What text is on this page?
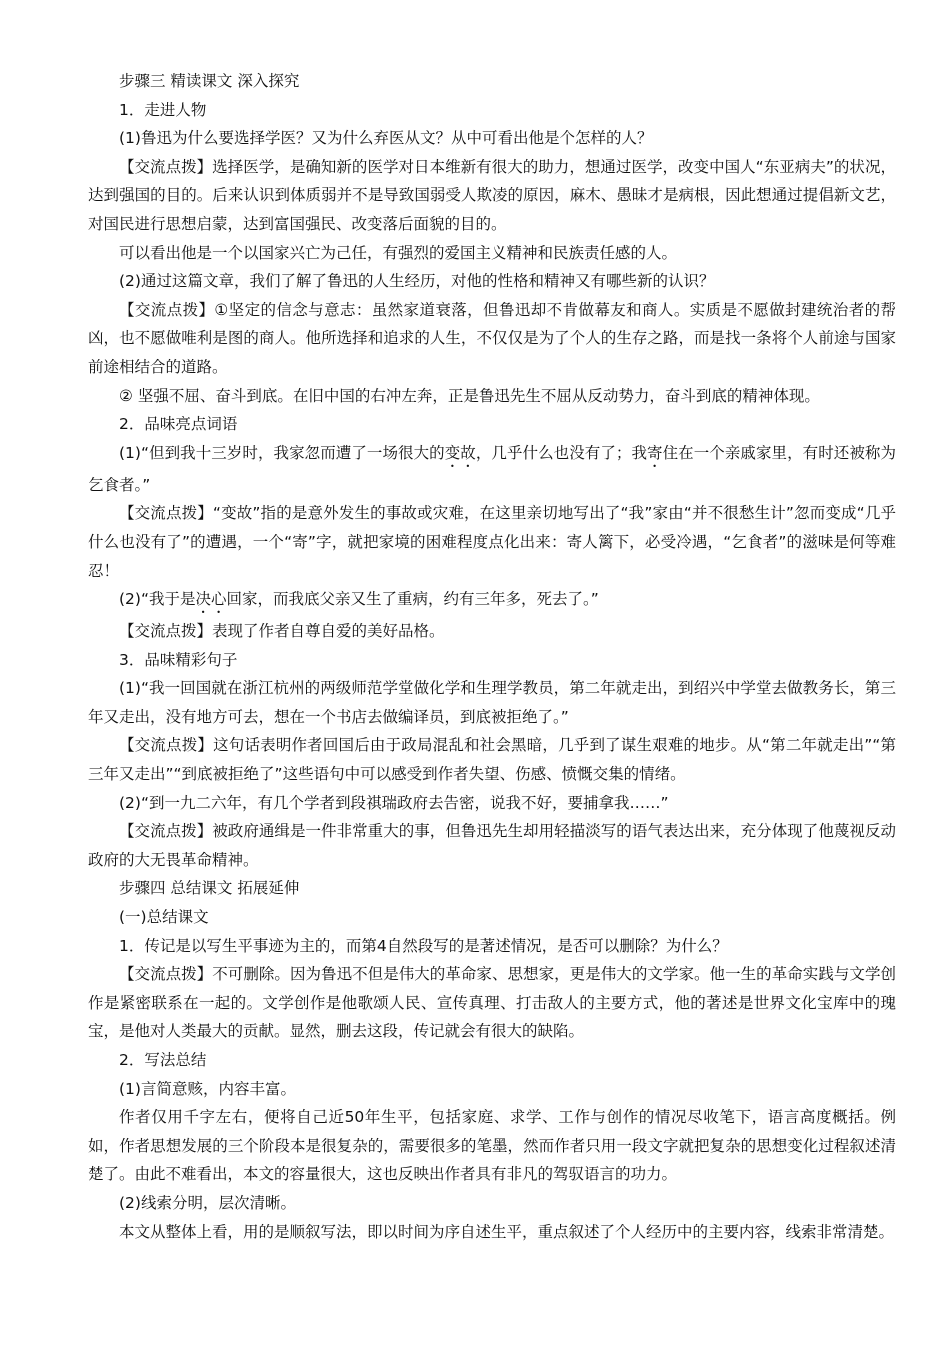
步骤三 精读课文 深入探究

1．走进人物

(1)鲁迅为什么要选择学医？又为什么弃医从文？从中可看出他是个怎样的人？

【交流点拨】选择医学，是确知新的医学对日本维新有很大的助力，想通过医学，改变中国人“东亚病夫”的状况，达到强国的目的。后来认识到体质弱并不是导致国弱受人欺凌的原因，麻木、愚昧才是病根，因此想通过提倡新文艺，对国民进行思想启蒙，达到富国强民、改变落后面貌的目的。

可以看出他是一个以国家兴亡为己任，有强烈的爱国主义精神和民族责任感的人。

(2)通过这篇文章，我们了解了鲁迅的人生经历，对他的性格和精神又有哪些新的认识？

【交流点拨】①坚定的信念与意志：虽然家道衰落，但鲁迅却不肯做幕友和商人。实质是不愿做封建统治者的帮凶，也不愿做唯利是图的商人。他所选择和追求的人生，不仅仅是为了个人的生存之路，而是找一条将个人前途与国家前途相结合的道路。

② 坚强不屈、奋斗到底。在旧中国的右冲左奔，正是鲁迅先生不屈从反动势力，奋斗到底的精神体现。

2．品味亮点词语

(1)“但到我十三岁时，我家忽而遭了一场很大的变故，几乎什么也没有了；我寄住在一个亲戚家里，有时还被称为乞食者。”

【交流点拨】“变故”指的是意外发生的事故或灾难，在这里亲切地写出了“我”家由“并不很愁生计”忽而变成“几乎什么也没有了”的遭遇，一个“寄”字，就把家境的困难程度点化出来：寄人篱下，必受冷遇，“乞食者”的滋味是何等难忍！

(2)“我于是决心回家，而我底父亲又生了重病，约有三年多，死去了。”

【交流点拨】表现了作者自尊自爱的美好品格。

3．品味精彩句子

(1)“我一回国就在浙江杭州的两级师范学堂做化学和生理学教员，第二年就走出，到绍兴中学堂去做教务长，第三年又走出，没有地方可去，想在一个书店去做编译员，到底被拒绝了。”

【交流点拨】这句话表明作者回国后由于政局混乱和社会黑暗，几乎到了谋生艰难的地步。从“第二年就走出”“第三年又走出”“到底被拒绝了”这些语句中可以感受到作者失望、伤感、愤慨交集的情绪。

(2)“到一九二六年，有几个学者到段祺瑞政府去告密，说我不好，要捕拿我……”

【交流点拨】被政府通缉是一件非常重大的事，但鲁迅先生却用轻描淡写的语气表达出来，充分体现了他蔑视反动政府的大无畏革命精神。

步骤四 总结课文 拓展延伸

(一)总结课文

1．传记是以写生平事迹为主的，而第4自然段写的是著述情况，是否可以删除？为什么？

【交流点拨】不可删除。因为鲁迅不但是伟大的革命家、思想家，更是伟大的文学家。他一生的革命实践与文学创作是紧密联系在一起的。文学创作是他歌颂人民、宣传真理、打击敌人的主要方式，他的著述是世界文化宝库中的瑰宝，是他对人类最大的贡献。显然，删去这段，传记就会有很大的缺陷。

2．写法总结

(1)言简意赅，内容丰富。

作者仅用千字左右，便将自己近50年生平，包括家庭、求学、工作与创作的情况尽收笔下，语言高度概括。例如，作者思想发展的三个阶段本是很复杂的，需要很多的笔墨，然而作者只用一段文字就把复杂的思想变化过程叙述清楚了。由此不难看出，本文的容量很大，这也反映出作者具有非凡的驾驭语言的功力。

(2)线索分明，层次清晰。

本文从整体上看，用的是顺叙写法，即以时间为序自述生平，重点叙述了个人经历中的主要内容，线索非常清楚。
